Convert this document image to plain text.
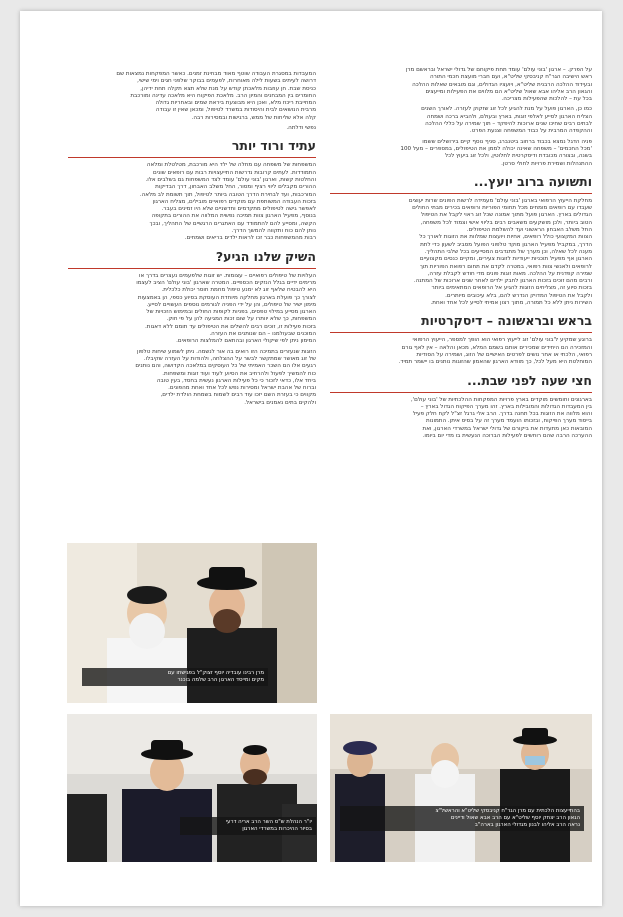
על הפרק. – ארגון 'בוני עולם' עומד תחת פיקוחם של גדולי ישראל ובראשם מרן
ראש הישיבה הגר"ח קניבסקי שליט"א, ועם חברי מועצת חכמי התורה
ובעידוד ההלכה הרבנית שליט"א, ויועציו הגדולים, וגם מובאים שאלות ההלכה
והגאון הרב אליהו אבא שאול שליט"א הם מלווים את הפעילות ומייעצים
בכל עת – להלכות שהפעילות מצריכה.
כמו כן, הארגון פועל על מנת להגיע לכל זוג שזקוק לעזרה. לאורך השנים
הצליח הארגון לסייע לאלפי זוגות, בארץ ובעולם, ולהביא ברכה ושמחה
לבתים רבים שחיכו שנים ארוכות להיפקד – תוך שמירה על כללי ההלכה
וההקפדה המרבית על כבוד המשפחה וצנעת הפרט.
פניה הדגל נמצא בכבוד ברחוב ביטנברג, סניף נוסף קיים בירושלים ששמו
'מכל החכמים' – משפחה שאינה יכולה לממן את הטיפולים, במספרים – מעל 100
בשנה, ובצורה מכובדת ודיסקרטית לחלוטין, ולכל זוג ביעוץ לכל
ההתנהלות ושמירת פרויות לחולי סרטן.
ותשועה ברוב יועץ...
מחלקת הייעוץ הרפואי בארגון 'בוני עולם' מעמידה לרשות הפונים שרות יעוצים
שעבדו עם רופאים מומחים מכל תחומי הפוריות ורופאים בכירים מבתי החולים
הגדולים בארץ. הארגון פועל מתוך אמונה שכל זוג ראוי לקבל את הטיפול
הטוב ביותר, ולכן מושקעים משאבים רבים בליווי אישי וצמוד לכל משפחה,
החל משלב האבחון הראשוני ועד להשלמת הטיפולים.
הצוות המקצועי כולל רופאים, אחיות ויועצות שמלוות את הזוגות לאורך כל
הדרך, במקביל מפעיל הארגון מוקד טלפוני הפועל מסביב לשעון כדי לתת
מענה לכל שאלה, וכן מערך של מתנדבים המסייעים בכל שלבי התהליך.
הארגון אף מפעיל תוכניות ייעודיות לזוגות צעירים, ומקיים כנסים מקצועיים
לרופאים ולאנשי צוות רפואי, במטרה לקדם את תחום רפואת הפוריות תוך
שמירה קפדנית על ההלכה. מאות זוגות פונים מדי חודש לקבלת עזרה,
ורבים מהם זוכים בזכות הארגון לחבק ילדים לאחר שנים ארוכות של המתנה.
בזכות סיוע זה, מצליחים הזוגות להגיע אל הרופאים המתאימים ביותר
ולקבל את הטיפול המדויק הנדרש להם, בלא עיכובים מיותרים.
השירות ניתן ללא כל תמורה, מתוך רצון אמיתי לסייע לכל אחד ואחת.
בראש ובראשונה – דיסקרטיות
ברוגע שמקיע ל'בוני עולם' זוג לייעוץ רפואי הוא הופך למספר, הייעוץ הרפואי
והמזכירה הם היחידים שמכירים אותם בשמם המלא, מכאן והלאה – אין לאף גורם
רפואי, הלכתי או אחר נושים לפרטים האישיים של הזוג, ושמירה על הסודיות
המוחלטת היא מעל לכל, כך מוודא הארגון שהאמון שהזוגות נותנים בו יישמר תמיד.
חצי שעה לפני שבת...
בארגונים וחומשים מוקדים בארץ פרויות המפקחות ההלכתיות של 'בוני עולם',
בין המעבדות הגדולות והמובילות בארץ. זהו מערך הפיקוח הגדול בארץ –
והוא מלווה את הזוגות בכל תחנה בדרך. הרב אלי גרגל זצ"ל לקח חלק פעיל
בייסוד מערך הפיקוח, ובזכותו הועמד מערך זה על בסיס איתן. התמונות
המובאות כאן מתעדות את ביקורם של גדולי ישראל במשרדי הארגון, ואת
ההערכה הרבה שהם רוחשים לפעילות הברוכה הנעשית בו מדי יום ביומו.
המעבדות במסגרת העבודה שוטף מאוד מבחינת זמנים. כאשר המפקחות נמצאות שם
דרושה לעיתים בשעות לילה מאוחרות, לפעמים בבוקר שלפני חגים וימי שישי,
כניסת שבת. חן עוזבות מלאכתן קודש על מנת שלא תצא תקלה תחת ידיהן,
החומרים בין המבחנים והמיון הרב. מלאכת הפיקוח היא מלאכה עדינה ומורכבת
המחייבת ריכוז מלא, ואכן היא מבוצעת ביראת שמים ובאחריות גדולה
מרבית הנושאים לבית והיסודות במשרד לטיפול, ומכאן שאין זו עבודה
קלה אלא שליחות של ממש, ברגישות ובמסירות רבה.
נפשי ודלתה.
עתיד ורוד יותר
המשפחות של משפחה עם מחלה של ילד היא מורכבת, מטלטלת ומלאה
התמודדות. לעתים קרובות נדרשות התייעצויות רבות עם רופאים שונים
והחלטות קשות, וארגון 'בוני עולם' עומד לצד המשפחות גם בשלבים אלו.
ההורים מקבלים ליווי רציף ומסור, החל משלב האבחון, דרך הבדיקות
המורכבות, ועד לבחירת הדרך הטובה ביותר לטיפול, תוך תשומת לב מלאה.
בזכות העבודה המשותפת עם מוקדים רפואיים מובילים, מצליח הארגון
לאפשר גישה לטיפולים מתקדמים וחדשניים שלא היו זמינים בעבר.
בנוסף, מפעיל הארגון צוות תמיכה נפשית המלווה את ההורים בתקופה
הקשה, ומסייע להם להתמודד עם האתגרים הרגשיים של התהליך, ובכך
נותן להם כוח ותקווה להמשך הדרך.
רבות מהמשפחות כבר זכו לראות ילדים בריאים ושמחים.
השיק שלנו הגיע?
העלויות של טיפולים רפואיים – עצומות. יש זוגות שלפעמים נעצרים בדרך או
מרימים ידיים בגלל הנזקים הכספיים. המטרה שארגון 'בוני עולם' הציב לעצמו
היא להבטיח שלאף זוג לא ימנע טיפול מחמת חוסר יכולת כלכלית.
לצורך כך פועלת בארגון מחלקה מיוחדת העוסקת בסיוע כספי, הן באמצעות
מימון ישיר של טיפולים, והן על ידי הפניה לגורמים נוספים העשויים לסייע.
הארגון מסייע במילוי טפסים, בפניות לקופות החולים ובמימוש הזכויות של
המשפחות, כך שלא יוותרו על שום זכות המגיעה להן על פי חוק.
בזכות פעילות זו, זוכים רבים להשלים את הטיפולים עד תומם ללא דאגות.
המוכנים שבעולמנו – הם שנותנים את העזרה.
המימון ניתן לפי שיקולי הארגון ובהתאם להמלצות הרופאים.
הזוגות שנעזרים בתמיכה הזו רואים בה אור לנשמה. ניתן לשמוע שיחות טלפון
של זוג מאושר שמתקשר לבשר על ההצלחה, ולהודות על העזרה שקיבלו.
רגעים אלו הם השכר האמיתי של כל העוסקים במלאכה הקדושה, והם נותנים
כוח להמשיך לפעול ולהרחיב את הסיוע לעוד ועוד זוגות ומשפחות.
ביחד אלו, כדאי לזכור כי כל פעילות הארגון נעשית בחסד, בעין טובה
וברוח של אהבת ישראל ומסירות נפש לכל אחד ואחת מהפונים.
מקווים כי בעזרת השם יזכו עוד רבים לשמוח בשמחת הולדת ילדים,
ולהקים בתים נאמנים בישראל.
מרן רבינו עובדיה יוסף זצוק"ל בפגישתו עם
מקים ומייסד הארגון הרב שלמה בוכנר
יו"ר הנהלת ש"ס השר הרב אריה דרעי
בסיור ההיכרות במשרדי הארגון
בהתייעצות הלכתית עם מרן הגר"ח קניבסקי שליט"א והראשל"צ
הגאון הרב יצחק יוסף שליט"א עם הרב אבא שאול ודיינים
נראה הרב אליהו לבנון מגדולי הארגון בארה"ב
